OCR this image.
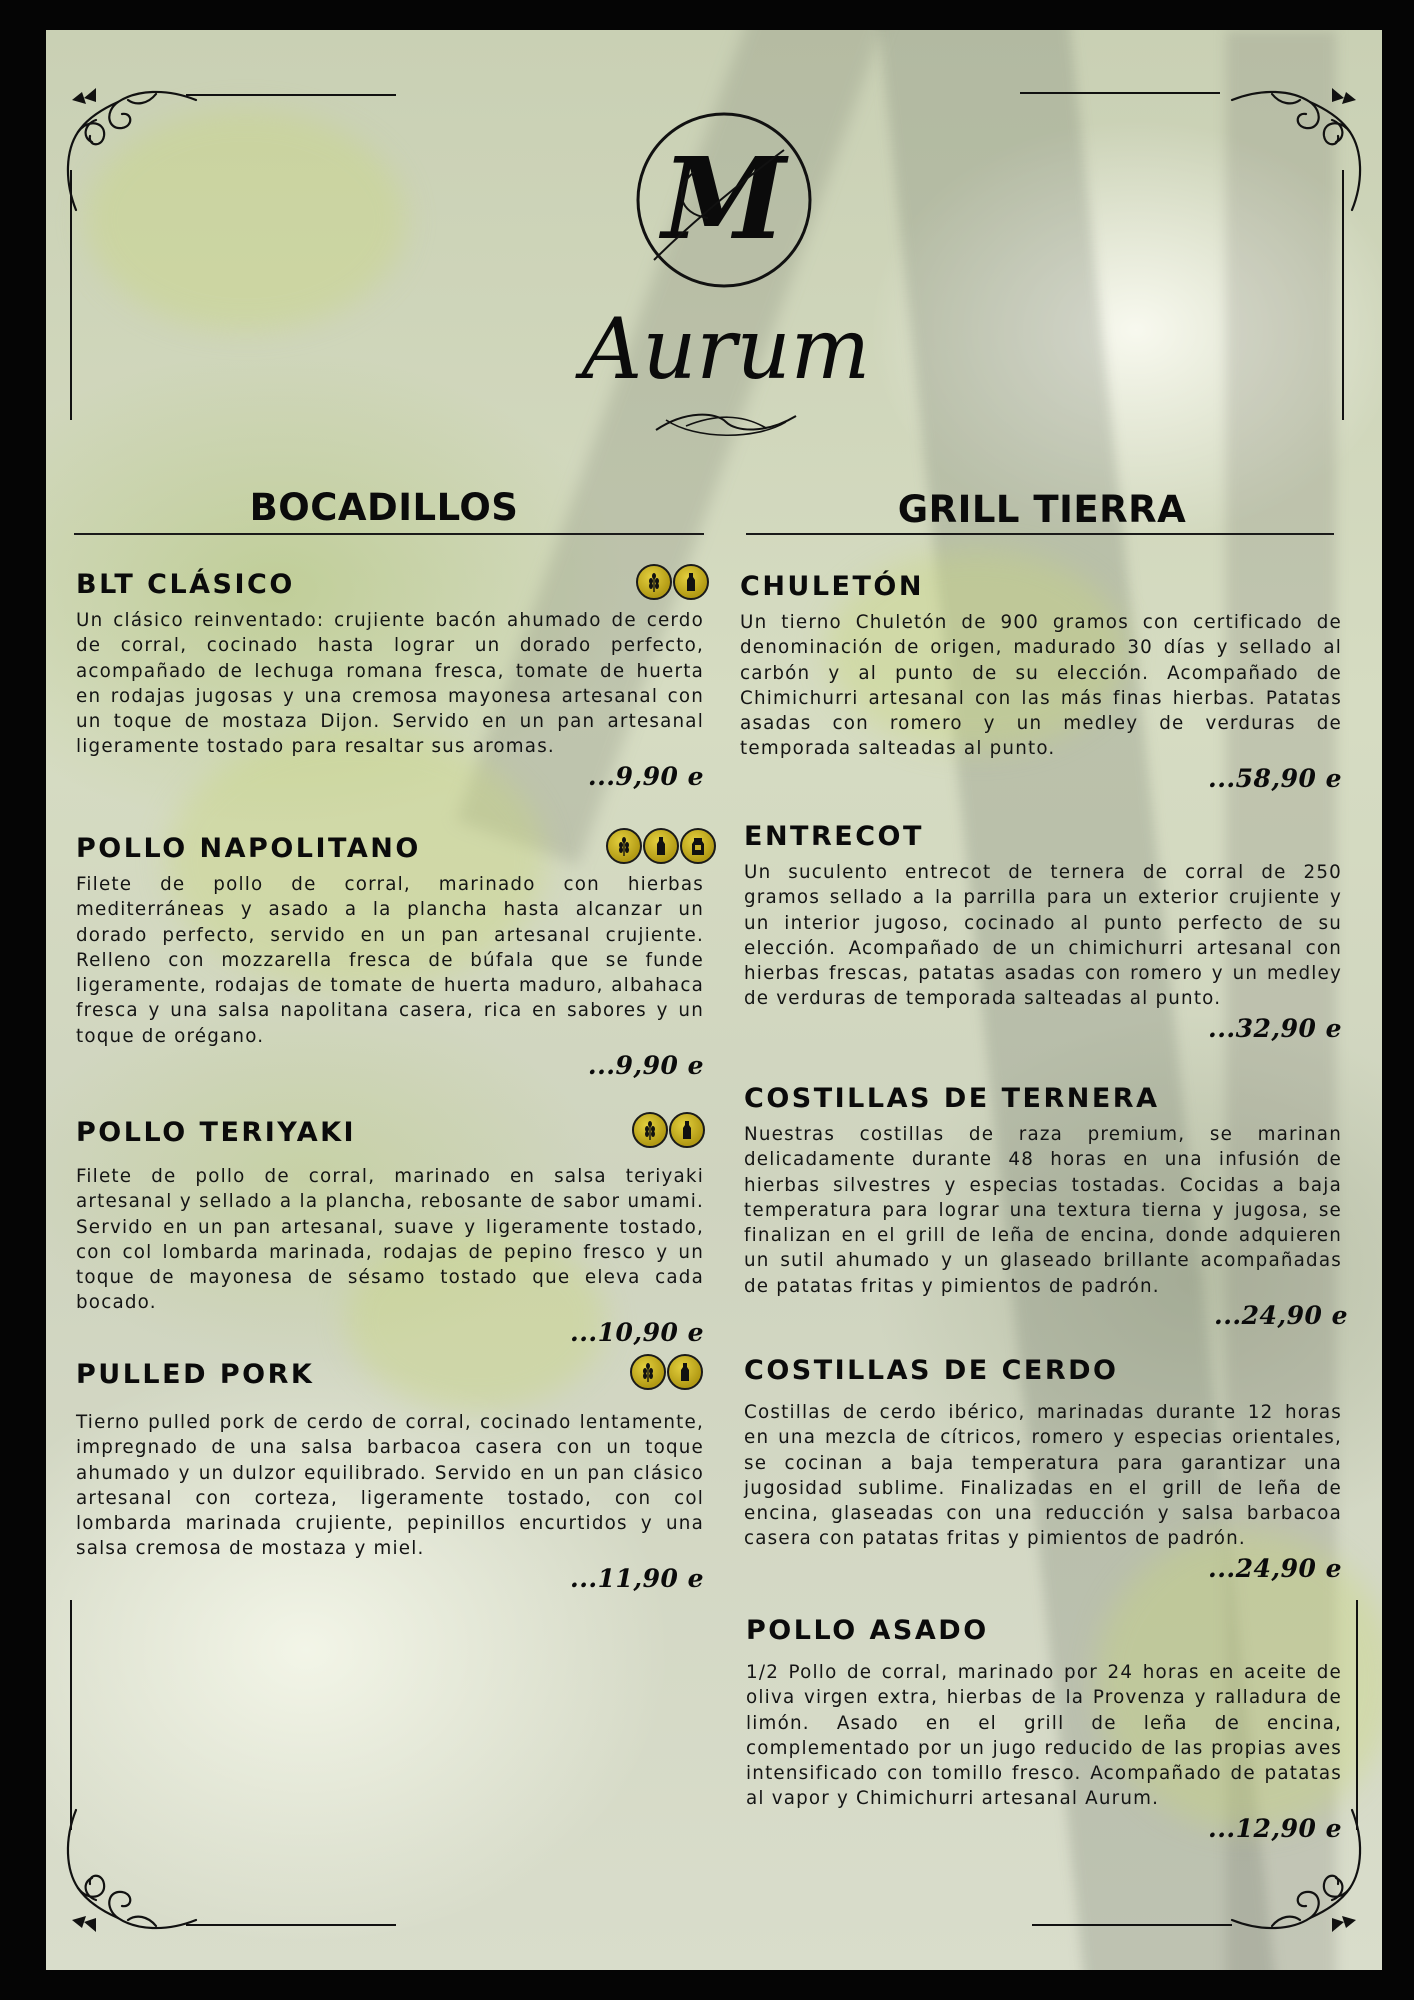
M
Aurum
BOCADILLOS	GRILL TIERRA
BLT CLÁSICO

Un clásico reinventado: crujiente bacón ahumado de cerdo de corral, cocinado hasta lograr un dorado perfecto, acompañado de lechuga romana fresca, tomate de huerta en rodajas jugosas y una cremosa mayonesa artesanal con un toque de mostaza Dijon. Servido en un pan artesanal ligeramente tostado para resaltar sus aromas.

...9,90 e
POLLO NAPOLITANO

Filete de pollo de corral, marinado con hierbas mediterráneas y asado a la plancha hasta alcanzar un dorado perfecto, servido en un pan artesanal crujiente. Relleno con mozzarella fresca de búfala que se funde ligeramente, rodajas de tomate de huerta maduro, albahaca fresca y una salsa napolitana casera, rica en sabores y un toque de orégano.

...9,90 e
POLLO TERIYAKI

Filete de pollo de corral, marinado en salsa teriyaki artesanal y sellado a la plancha, rebosante de sabor umami. Servido en un pan artesanal, suave y ligeramente tostado, con col lombarda marinada, rodajas de pepino fresco y un toque de mayonesa de sésamo tostado que eleva cada bocado.

...10,90 e
PULLED PORK

Tierno pulled pork de cerdo de corral, cocinado lentamente, impregnado de una salsa barbacoa casera con un toque ahumado y un dulzor equilibrado. Servido en un pan clásico artesanal con corteza, ligeramente tostado, con col lombarda marinada crujiente, pepinillos encurtidos y una salsa cremosa de mostaza y miel.

...11,90 e
CHULETÓN

Un tierno Chuletón de 900 gramos con certificado de denominación de origen, madurado 30 días y sellado al carbón y al punto de su elección. Acompañado de Chimichurri artesanal con las más finas hierbas. Patatas asadas con romero y un medley de verduras de temporada salteadas al punto.

...58,90 e
ENTRECOT

Un suculento entrecot de ternera de corral de 250 gramos sellado a la parrilla para un exterior crujiente y un interior jugoso, cocinado al punto perfecto de su elección. Acompañado de un chimichurri artesanal con hierbas frescas, patatas asadas con romero y un medley de verduras de temporada salteadas al punto.

...32,90 e
COSTILLAS DE TERNERA

Nuestras costillas de raza premium, se marinan delicadamente durante 48 horas en una infusión de hierbas silvestres y especias tostadas. Cocidas a baja temperatura para lograr una textura tierna y jugosa, se finalizan en el grill de leña de encina, donde adquieren un sutil ahumado y un glaseado brillante acompañadas de patatas fritas y pimientos de padrón.

...24,90 e
COSTILLAS DE CERDO

Costillas de cerdo ibérico, marinadas durante 12 horas en una mezcla de cítricos, romero y especias orientales, se cocinan a baja temperatura para garantizar una jugosidad sublime. Finalizadas en el grill de leña de encina, glaseadas con una reducción y salsa barbacoa casera con patatas fritas y pimientos de padrón.

...24,90 e
POLLO ASADO

1/2 Pollo de corral, marinado por 24 horas en aceite de oliva virgen extra, hierbas de la Provenza y ralladura de limón. Asado en el grill de leña de encina, complementado por un jugo reducido de las propias aves intensificado con tomillo fresco. Acompañado de patatas al vapor y Chimichurri artesanal Aurum.

...12,90 e
